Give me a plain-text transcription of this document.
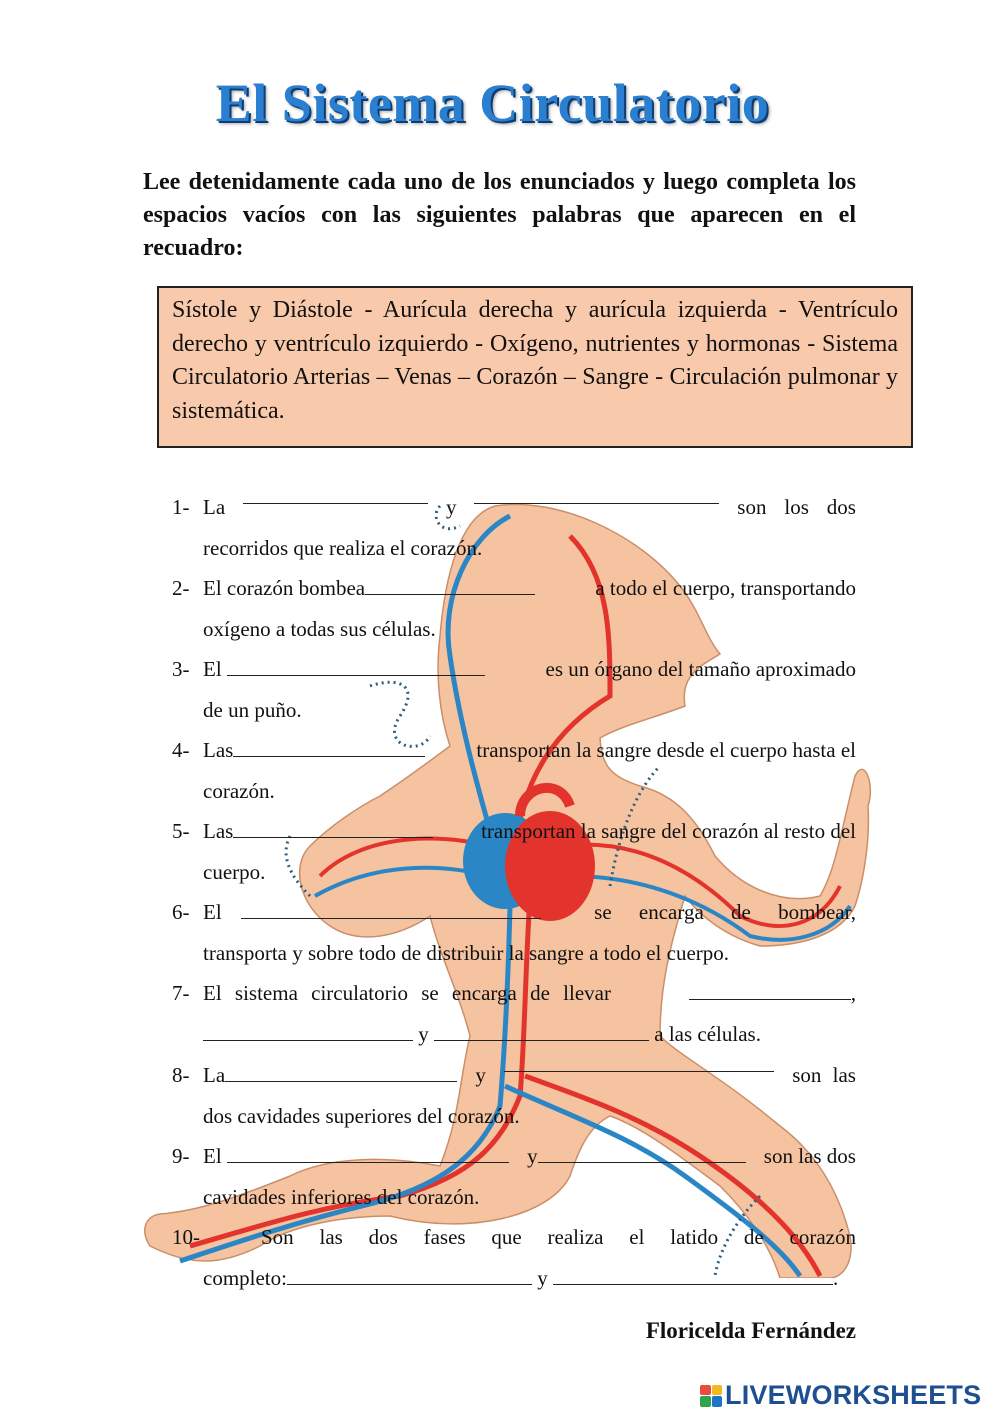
El Sistema Circulatorio
Lee detenidamente cada uno de los enunciados y luego completa los espacios vacíos con las siguientes palabras que aparecen en el recuadro:
Sístole y Diástole - Aurícula derecha y aurícula izquierda - Ventrículo derecho y ventrículo izquierdo - Oxígeno, nutrientes y hormonas - Sistema Circulatorio Arterias – Venas – Corazón – Sangre - Circulación pulmonar y sistemática.
1- La	y	son los dos
recorridos que realiza el corazón.
2- El corazón bombea	a todo el cuerpo, transportando
oxígeno a todas sus células.
3- El	es un órgano del tamaño aproximado
de un puño.
4- Las	transportan la sangre desde el cuerpo hasta el
corazón.
5- Las	transportan la sangre del corazón al resto del
cuerpo.
6- El	se encarga de bombear,
transporta y sobre todo de distribuir la sangre a todo el cuerpo.
7- El sistema circulatorio se encarga de llevar	,
y	a las células.
8- La	y	son las
dos cavidades superiores del corazón.
9- El	y	son las dos
cavidades inferiores del corazón.
10-	Son las dos fases que realiza el latido de corazón
completo:	y	.
Floricelda Fernández
LIVEWORKSHEETS
